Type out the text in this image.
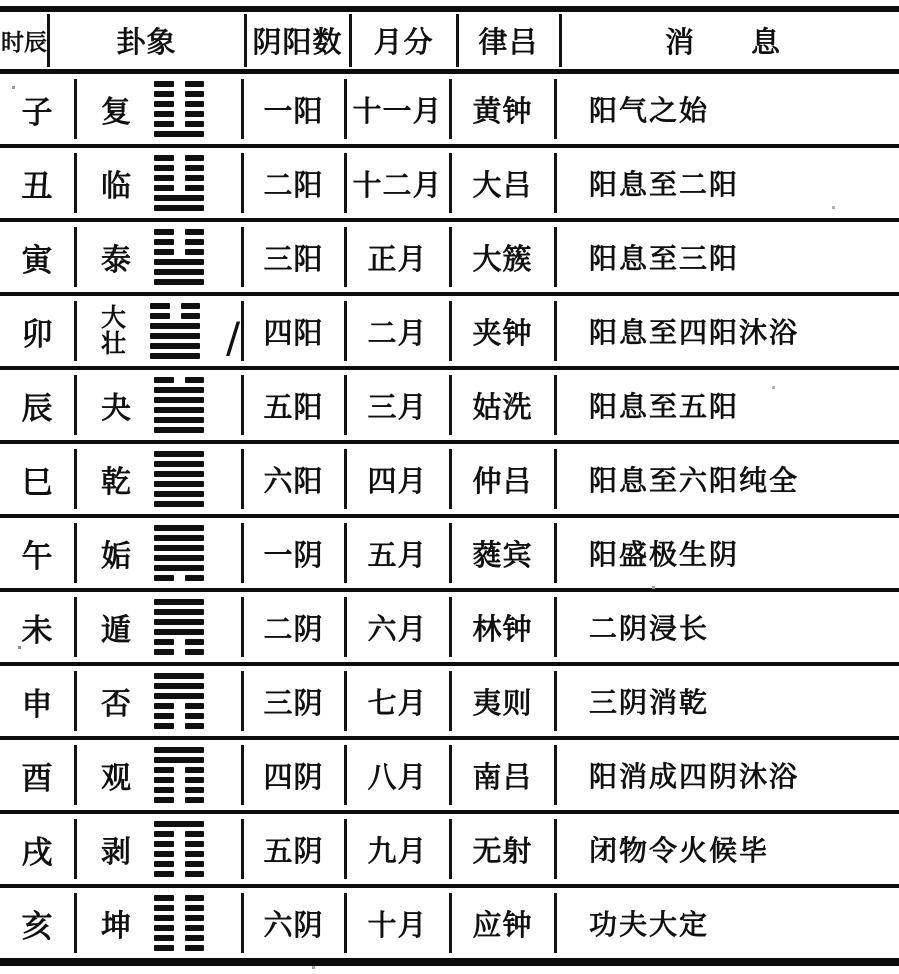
时辰	卦象	阴阳数	月分	律吕	消　息
子 复	一阳 十一月 黄钟 阳气之始
丑 临	二阳 十二月 大吕 阳息至二阳
寅 泰	三阳 正月 大簇 阳息至三阳
卯 大壮 / 四阳 二月 夹钟 阳息至四阳沐浴
辰 夬	五阳 三月 姑洗 阳息至五阳
巳 乾	六阳 四月 仲吕 阳息至六阳纯全
午 姤	一阴 五月 蕤宾 阳盛极生阴
未 遁	二阴 六月 林钟 二阴浸长
申 否	三阴 七月 夷则 三阴消乾
酉 观	四阴 八月 南吕 阳消成四阴沐浴
戌 剥	五阴 九月 无射 闭物令火候毕
亥 坤	六阴 十月 应钟 功夫大定
